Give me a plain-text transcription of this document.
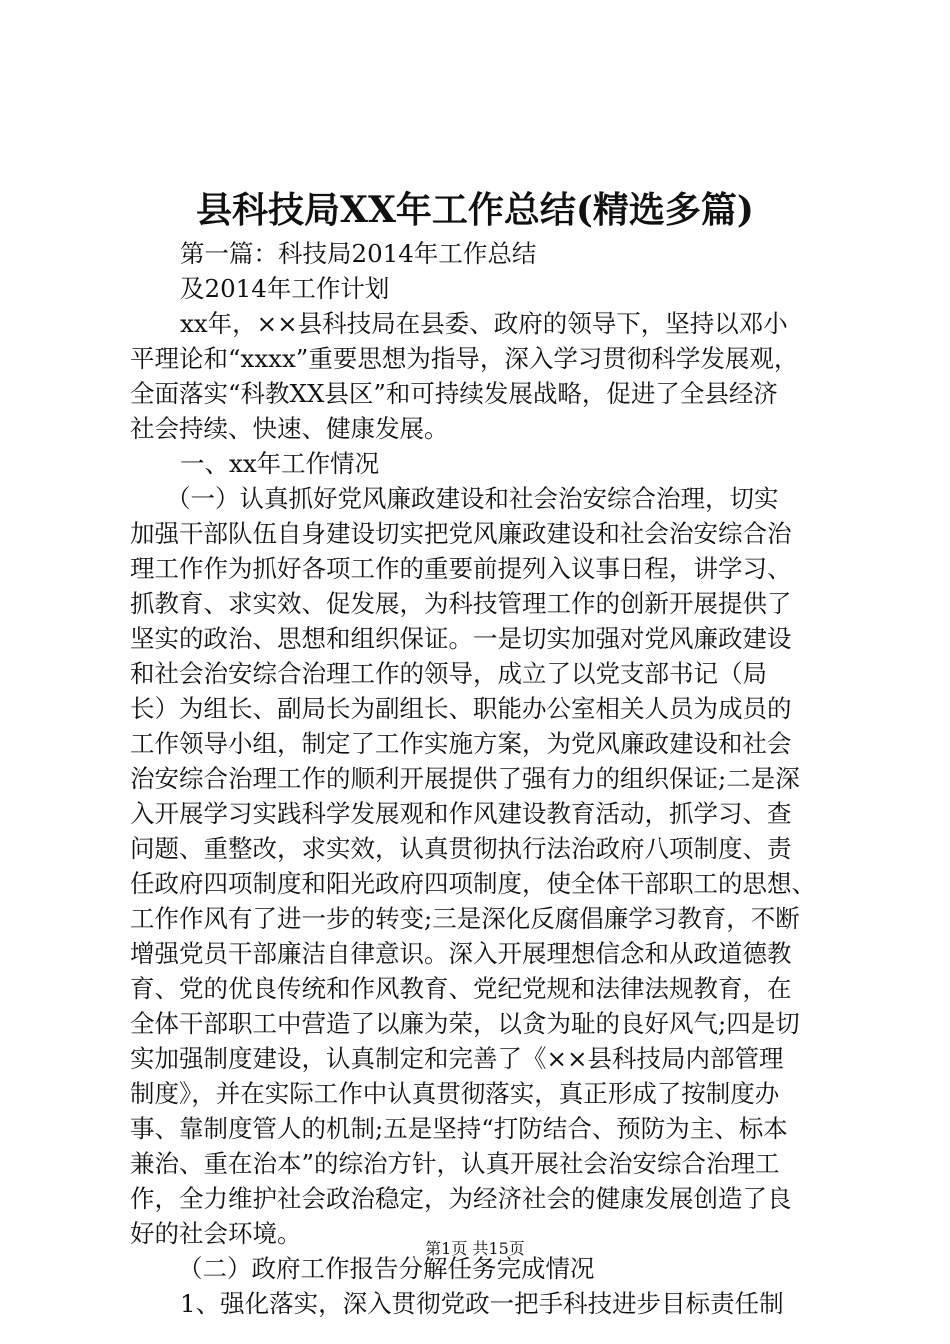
县科技局XX年工作总结(精选多篇)
第一篇：科技局2014年工作总结
及2014年工作计划
xx年，××县科技局在县委、政府的领导下，坚持以邓小
平理论和“xxxx”重要思想为指导，深入学习贯彻科学发展观，
全面落实“科教XX县区”和可持续发展战略，促进了全县经济
社会持续、快速、健康发展。
一、xx年工作情况
（一）认真抓好党风廉政建设和社会治安综合治理，切实
加强干部队伍自身建设切实把党风廉政建设和社会治安综合治
理工作作为抓好各项工作的重要前提列入议事日程，讲学习、
抓教育、求实效、促发展，为科技管理工作的创新开展提供了
坚实的政治、思想和组织保证。一是切实加强对党风廉政建设
和社会治安综合治理工作的领导，成立了以党支部书记（局
长）为组长、副局长为副组长、职能办公室相关人员为成员的
工作领导小组，制定了工作实施方案，为党风廉政建设和社会
治安综合治理工作的顺利开展提供了强有力的组织保证;二是深
入开展学习实践科学发展观和作风建设教育活动，抓学习、查
问题、重整改，求实效，认真贯彻执行法治政府八项制度、责
任政府四项制度和阳光政府四项制度，使全体干部职工的思想、
工作作风有了进一步的转变;三是深化反腐倡廉学习教育，不断
增强党员干部廉洁自律意识。深入开展理想信念和从政道德教
育、党的优良传统和作风教育、党纪党规和法律法规教育，在
全体干部职工中营造了以廉为荣，以贪为耻的良好风气;四是切
实加强制度建设，认真制定和完善了《××县科技局内部管理
制度》，并在实际工作中认真贯彻落实，真正形成了按制度办
事、靠制度管人的机制;五是坚持“打防结合、预防为主、标本
兼治、重在治本”的综治方针，认真开展社会治安综合治理工
作，全力维护社会政治稳定，为经济社会的健康发展创造了良
好的社会环境。
（二）政府工作报告分解任务完成情况
1、强化落实，深入贯彻党政一把手科技进步目标责任制
第1页 共15页
